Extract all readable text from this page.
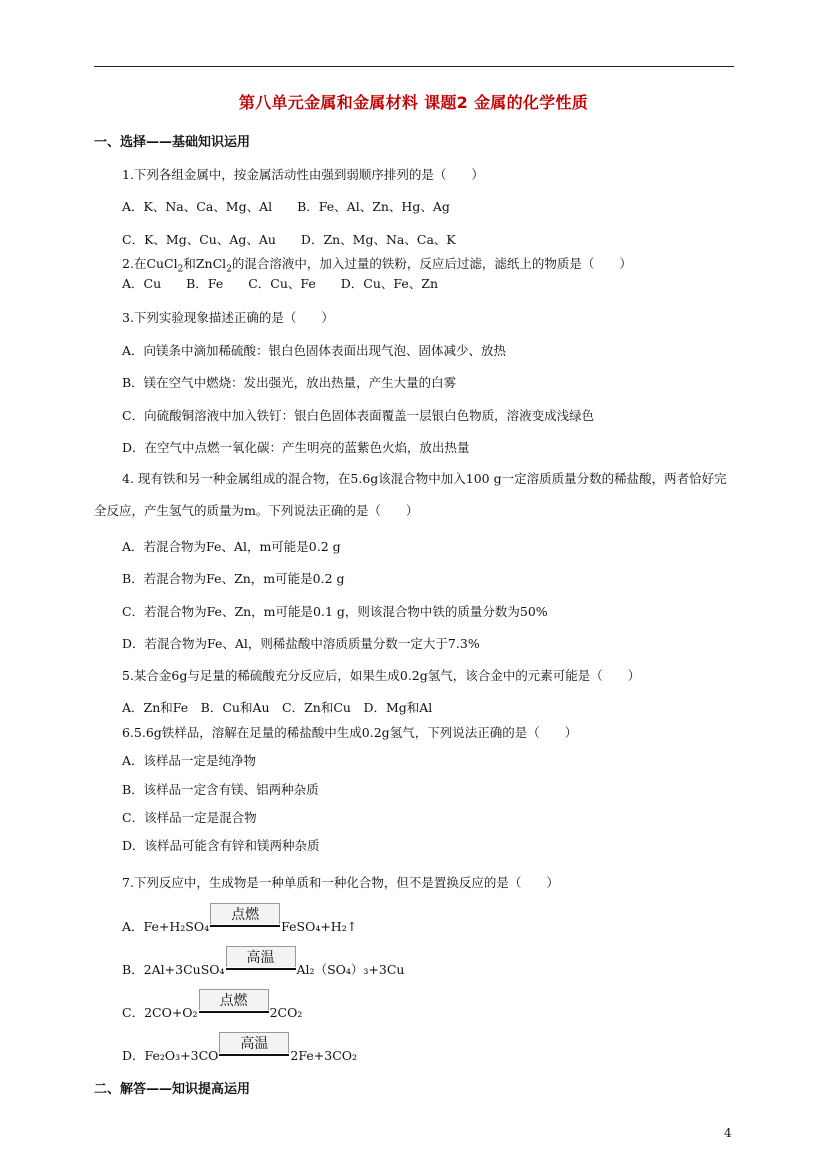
第八单元金属和金属材料 课题2 金属的化学性质
一、选择——基础知识运用
1.下列各组金属中，按金属活动性由强到弱顺序排列的是（　　）
A．K、Na、Ca、Mg、Al　　B．Fe、Al、Zn、Hg、Ag
C．K、Mg、Cu、Ag、Au　　D．Zn、Mg、Na、Ca、K
2.在CuCl$_2$和ZnCl$_2$的混合溶液中，加入过量的铁粉，反应后过滤，滤纸上的物质是（　　）
A．Cu　　B．Fe　　C．Cu、Fe　　D．Cu、Fe、Zn
3.下列实验现象描述正确的是（　　）
A．向镁条中滴加稀硫酸：银白色固体表面出现气泡、固体减少、放热
B．镁在空气中燃烧：发出强光，放出热量，产生大量的白雾
C．向硫酸铜溶液中加入铁钉：银白色固体表面覆盖一层银白色物质，溶液变成浅绿色
D．在空气中点燃一氧化碳：产生明亮的蓝紫色火焰，放出热量
4. 现有铁和另一种金属组成的混合物，在5.6g该混合物中加入100 g一定溶质质量分数的稀盐酸，两者恰好完全反应，产生氢气的质量为m。下列说法正确的是（　　）
A．若混合物为Fe、Al，m可能是0.2 g
B．若混合物为Fe、Zn，m可能是0.2 g
C．若混合物为Fe、Zn，m可能是0.1 g，则该混合物中铁的质量分数为50%
D．若混合物为Fe、Al，则稀盐酸中溶质质量分数一定大于7.3%
5.某合金6g与足量的稀硫酸充分反应后，如果生成0.2g氢气，该合金中的元素可能是（　　）
A．Zn和Fe　B．Cu和Au　C．Zn和Cu　D．Mg和Al
6.5.6g铁样品，溶解在足量的稀盐酸中生成0.2g氢气，下列说法正确的是（　　）
A．该样品一定是纯净物
B．该样品一定含有镁、铝两种杂质
C．该样品一定是混合物
D．该样品可能含有锌和镁两种杂质
7.下列反应中，生成物是一种单质和一种化合物，但不是置换反应的是（　　）
A．Fe+H₂SO₄
点燃
FeSO₄+H₂↑
B．2Al+3CuSO₄
高温
Al₂（SO₄）₃+3Cu
C．2CO+O₂
点燃
2CO₂
D．Fe₂O₃+3CO
高温
2Fe+3CO₂
二、解答——知识提高运用
4
